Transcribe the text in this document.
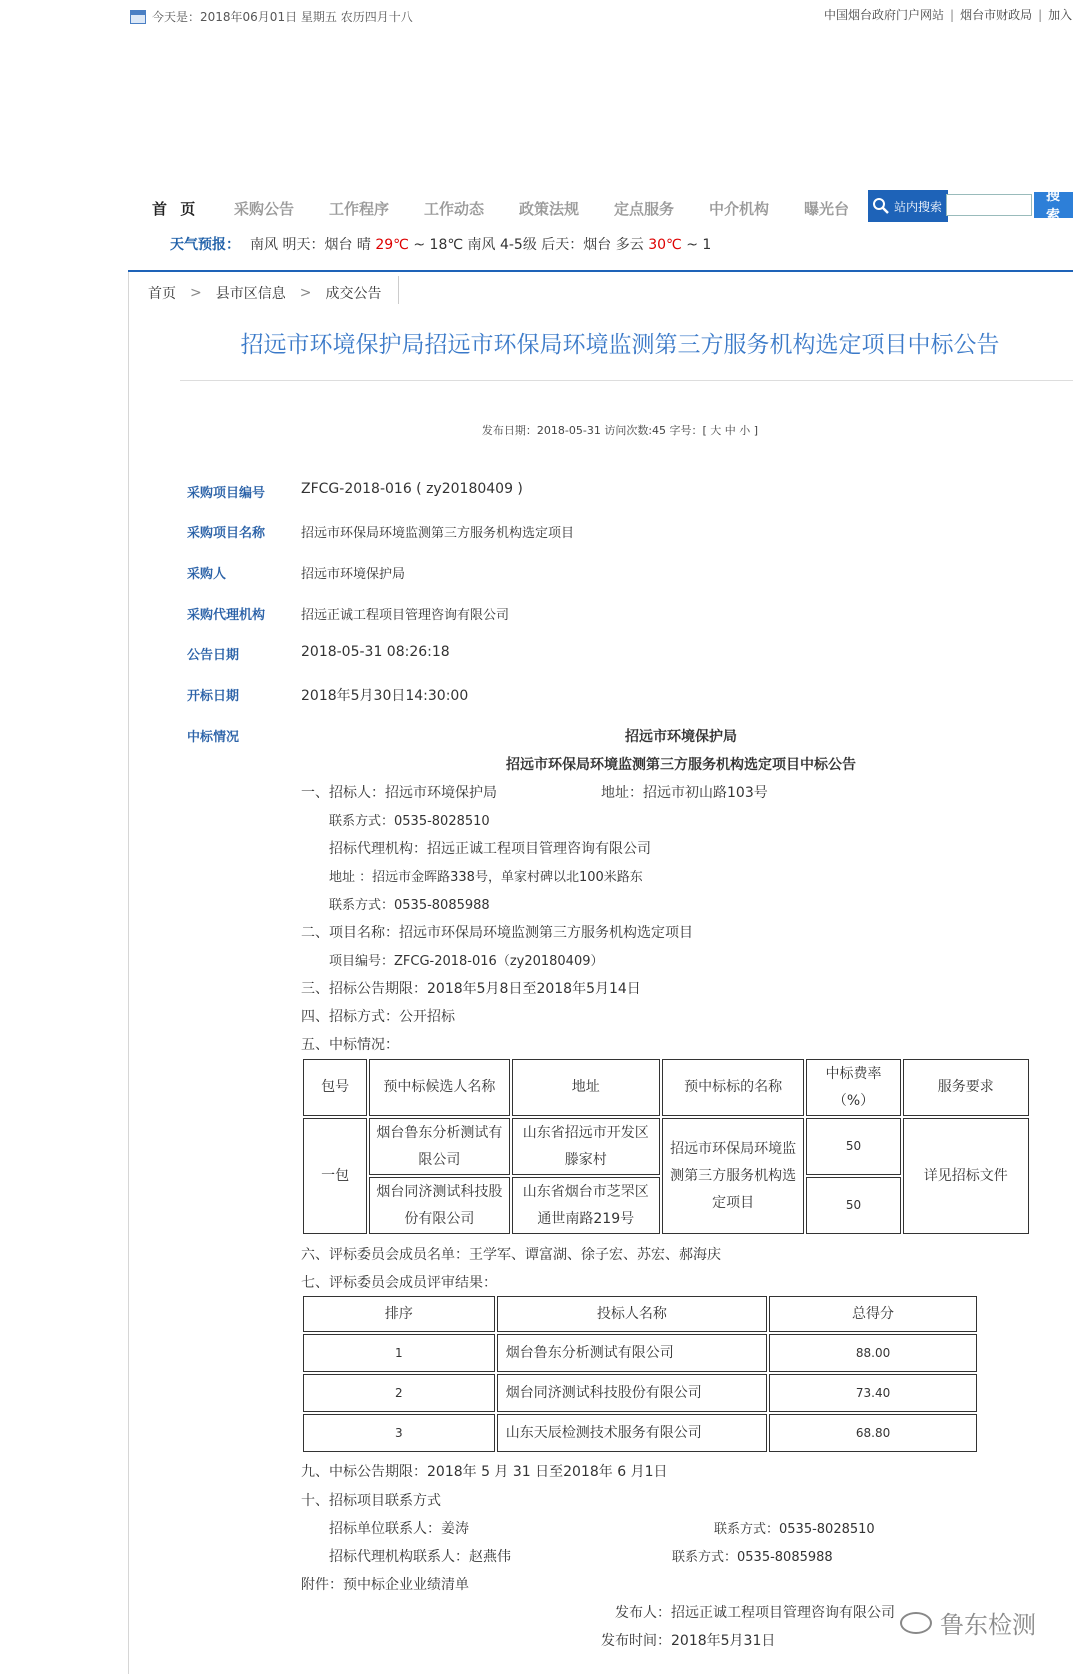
今天是：2018年06月01日 星期五 农历四月十八	中国烟台政府门户网站 | 烟台市财政局 | 加入
首 页	采购公告	工作程序	工作动态	政策法规	定点服务	中介机构	曝光台	站内搜索
搜 索
天气预报： 南风 明天：烟台 晴 29℃ ~ 18℃ 南风 4-5级 后天：烟台 多云 30℃ ~ 1
首页 > 县市区信息 > 成交公告
招远市环境保护局招远市环保局环境监测第三方服务机构选定项目中标公告
发布日期：2018-05-31 访问次数:45 字号：[ 大 中 小 ]
采购项目编号	ZFCG-2018-016 ( zy20180409 )
采购项目名称	招远市环保局环境监测第三方服务机构选定项目
采购人	招远市环境保护局
采购代理机构	招远正诚工程项目管理咨询有限公司
公告日期	2018-05-31 08:26:18
开标日期	2018年5月30日14:30:00
中标情况	招远市环境保护局
招远市环保局环境监测第三方服务机构选定项目中标公告
一、招标人：招远市环境保护局	地址：招远市初山路103号
联系方式：0535-8028510
招标代理机构：招远正诚工程项目管理咨询有限公司
地址 ：招远市金晖路338号，单家村碑以北100米路东
联系方式：0535-8085988
二、项目名称：招远市环保局环境监测第三方服务机构选定项目
项目编号：ZFCG-2018-016（zy20180409）
三、招标公告期限：2018年5月8日至2018年5月14日
四、招标方式：公开招标
五、中标情况：
包号	预中标候选人名称	地址	预中标标的名称	中标费率（%）	服务要求
一包	烟台鲁东分析测试有限公司	山东省招远市开发区滕家村	招远市环保局环境监测第三方服务机构选定项目	50	详见招标文件
	烟台同济测试科技股份有限公司	山东省烟台市芝罘区通世南路219号		50	
六、评标委员会成员名单：王学军、谭富湖、徐子宏、苏宏、郝海庆
七、评标委员会成员评审结果：
排序	投标人名称	总得分
1	烟台鲁东分析测试有限公司	88.00
2	烟台同济测试科技股份有限公司	73.40
3	山东天辰检测技术服务有限公司	68.80
九、中标公告期限：2018年 5 月 31 日至2018年 6 月1日
十、招标项目联系方式
招标单位联系人：姜涛	联系方式：0535-8028510
招标代理机构联系人：赵燕伟	联系方式：0535-8085988
附件：预中标企业业绩清单
发布人：招远正诚工程项目管理咨询有限公司
发布时间：2018年5月31日
鲁东检测
